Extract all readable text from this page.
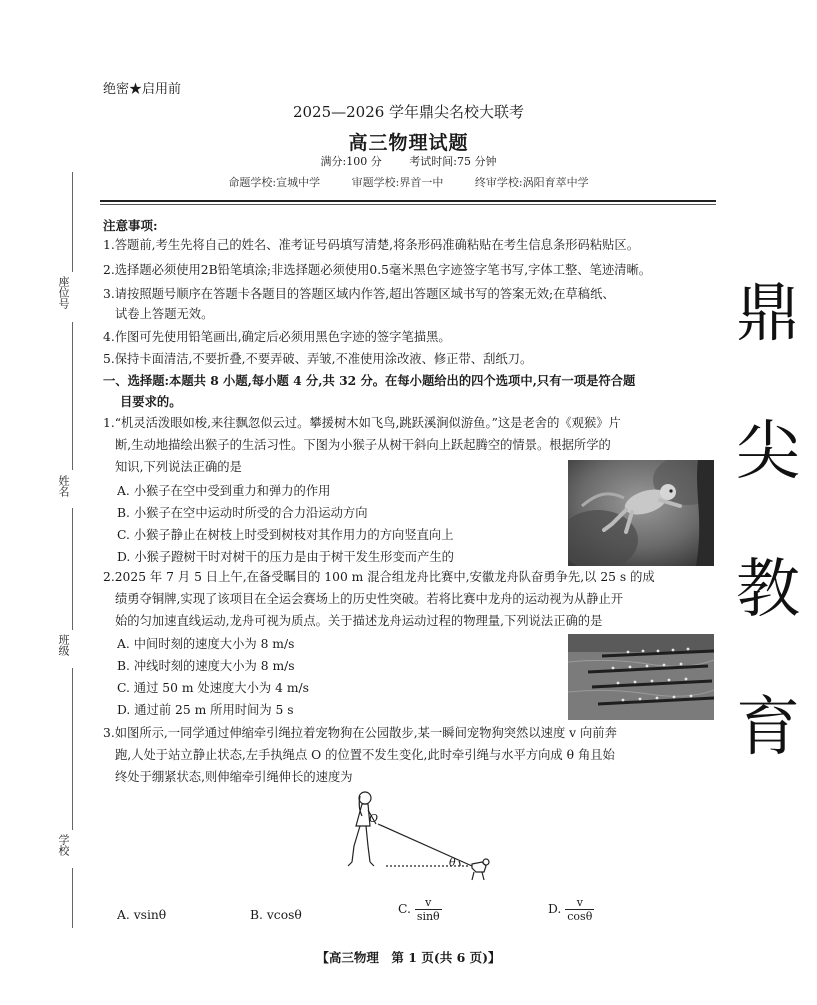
绝密★启用前
2025—2026 学年鼎尖名校大联考
高三物理试题
满分:100 分	考试时间:75 分钟
命题学校:宣城中学	审题学校:界首一中	终审学校:涡阳育萃中学
座位号
姓名
班级
学校
鼎
尖
教
育
注意事项:
1.答题前,考生先将自己的姓名、准考证号码填写清楚,将条形码准确粘贴在考生信息条形码粘贴区。
2.选择题必须使用2B铅笔填涂;非选择题必须使用0.5毫米黑色字迹签字笔书写,字体工整、笔迹清晰。
3.请按照题号顺序在答题卡各题目的答题区域内作答,超出答题区域书写的答案无效;在草稿纸、
试卷上答题无效。
4.作图可先使用铅笔画出,确定后必须用黑色字迹的签字笔描黑。
5.保持卡面清洁,不要折叠,不要弄破、弄皱,不准使用涂改液、修正带、刮纸刀。
一、选择题:本题共 8 小题,每小题 4 分,共 32 分。在每小题给出的四个选项中,只有一项是符合题
目要求的。
1.“机灵活泼眼如梭,来往飘忽似云过。攀援树木如飞鸟,跳跃溪涧似游鱼。”这是老舍的《观猴》片
断,生动地描绘出猴子的生活习性。下图为小猴子从树干斜向上跃起腾空的情景。根据所学的
知识,下列说法正确的是
A. 小猴子在空中受到重力和弹力的作用
B. 小猴子在空中运动时所受的合力沿运动方向
C. 小猴子静止在树枝上时受到树枝对其作用力的方向竖直向上
D. 小猴子蹬树干时对树干的压力是由于树干发生形变而产生的
2.2025 年 7 月 5 日上午,在备受瞩目的 100 m 混合组龙舟比赛中,安徽龙舟队奋勇争先,以 25 s 的成
绩勇夺铜牌,实现了该项目在全运会赛场上的历史性突破。若将比赛中龙舟的运动视为从静止开
始的匀加速直线运动,龙舟可视为质点。关于描述龙舟运动过程的物理量,下列说法正确的是
A. 中间时刻的速度大小为 8 m/s
B. 冲线时刻的速度大小为 8 m/s
C. 通过 50 m 处速度大小为 4 m/s
D. 通过前 25 m 所用时间为 5 s
3.如图所示,一同学通过伸缩牵引绳拉着宠物狗在公园散步,某一瞬间宠物狗突然以速度 v 向前奔
跑,人处于站立静止状态,左手执绳点 O 的位置不发生变化,此时牵引绳与水平方向成 θ 角且始
终处于绷紧状态,则伸缩牵引绳伸长的速度为
O
θ
A. vsinθ	B. vcosθ	C. $\frac{v}{\sin\theta}$	D. $\frac{v}{\cos\theta}$
【高三物理　第 1 页(共 6 页)】
